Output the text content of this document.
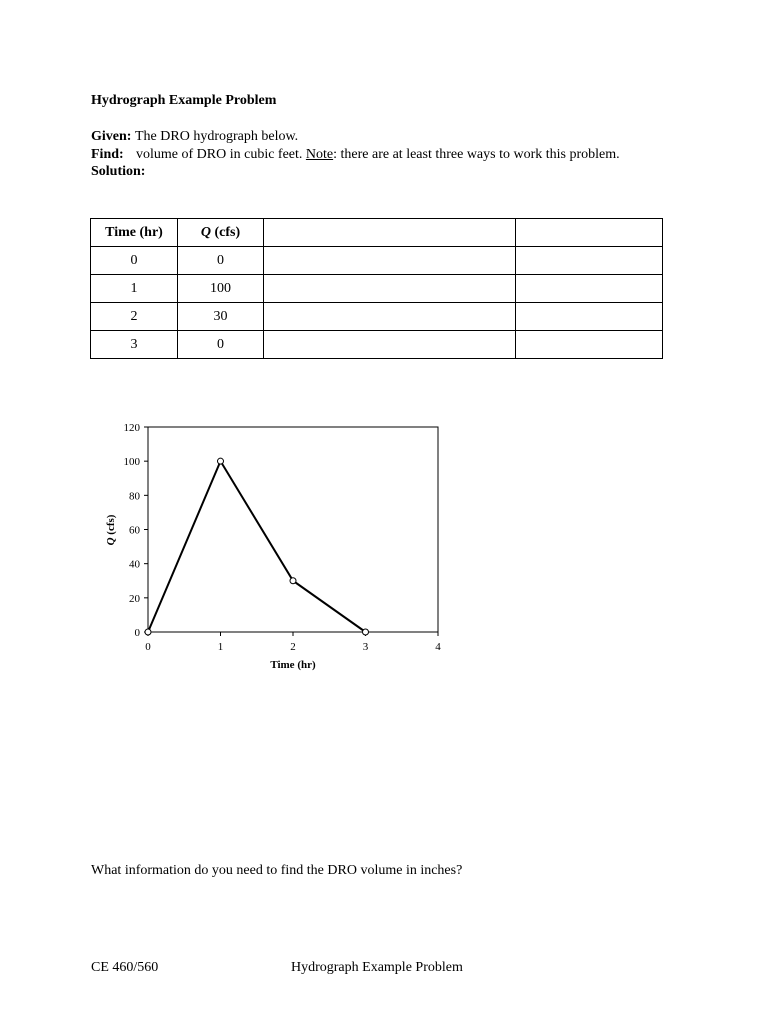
Hydrograph Example Problem
Given: The DRO hydrograph below.
Find: volume of DRO in cubic feet. Note: there are at least three ways to work this problem.
Solution:
Time (hr)	Q (cfs)		
0	0		
1	100		
2	30		
3	0		
0
20
40
60
80
100
120
0	1	2	3	4
Time (hr)
Q (cfs)
What information do you need to find the DRO volume in inches?
CE 460/560	Hydrograph Example Problem
